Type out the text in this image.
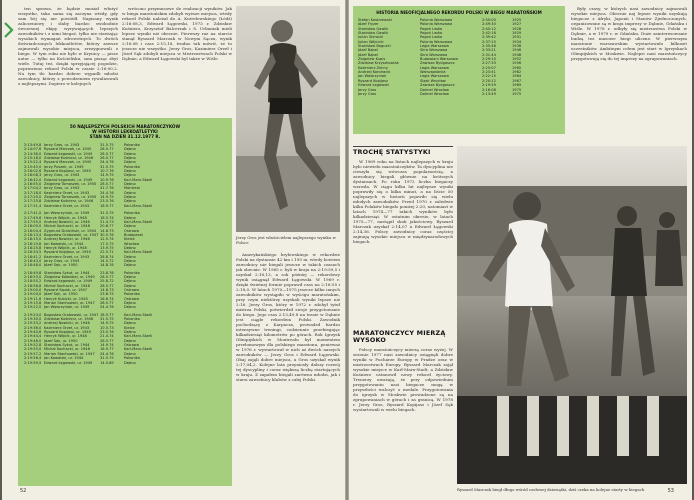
ten sprawa, że będzie musiał włożyć wszystko, taka sama się zaczyna wtedy, gdy sam bój się nie powiódł. Napisany wynik zaliczeniowy i słaby bardzo swobodnie ówczesnej ekipy wyrywających lepszych zawodników i z nimi biegać, tylko nie stawiając wysokich wymagań zdrowotnych. To dwóch doświadczonych lekkoatletów, którzy zawsze zajmowali wysokie miejsca, zrezygnowali z biegu. W tym roku nie było w Krynicy — pisze autor — tylko na Kościelisku, sam pisząc zbyt wiele. Tutaj też, dzięki sprzyjającej pogodzie, poprawiono rekord Polski w czasie 2:16:00,2. Na tym tle bardzo dobrze wypadli młodsi zawodnicy, którzy z powodzeniem rywalizowali z najlepszymi. Dopiero w kolejnych

wrócono przymusowe do realizacji wyników. Jak w biegu maratońskim zdobyli wyższe miejsca, wtedy rekord Polski należał do A. Kutrelewskiego (Łódź) 2:16:08,3, Edward Łęgowski, 1973 r. Zdzisław Kuśnierz, Krzysztof Balcerzak i S. Urbaniak mieli lepsze wyniki niż obecnie. Pierwszy raz na starcie stanął Ryszard Marczak w Nowym Sączu, wynik 2:16:08 i czas 2:15,18, trudno tak mówić, że to jeszcze nie wszystko. Jerzy Gros, Kazimierz Orzeł i Józef Sęk zdobyli miejsca w Mistrzostwach Polski w Dębnie, a Edward Łęgowski był także w Wiśle.

Jerzy Gros jest właścicielem najlepszego wyniku w Polsce

Amerykańskiego bryłowskiego w rekordzie Polski na dystansie 42 km i 195 m, wtedy bowiem zawodnicy nie biegali jeszcze w takich czasach jak obecnie. W 1965 r. byli w kraju na 2:19:59,5 i uzyskał 2:18,13, a rok później — rekordowy wynik osiągnął Edward Łęgowski. W 1969 r. dzięki świetnej formie poprawił czas na 2:16:55 i 2:18,0. W latach 1970—1975 jeszcze kilku innych zawodników wystąpiło w wyścigu maratońskim, przy czym niektórzy uzyskali wyniki lepsze niż 2:16. Jerzy Gros, który w 1972 r. zdobył tytuł mistrza Polski, potwierdził swoje przygotowanie do biegu. Jego czas 2:13,49,8 na trasie w Dębnie jest ciągle rekordem Polski. Zawodnik pochodzący z Karpacza, prowadził bardzo intensywne treningi, codziennie przebiegając kilkadziesiąt kilometrów po górach. Rok Igrzysk Olimpijskich w Montrealu był momentem przełomowym dla polskiego maratonu, ponieważ w 1976 r. wystartował w nich aż dwóch naszych zawodników — Jerzy Gros i Edward Łęgowski. Obaj zajęli dobre miejsca, a Gros uzyskał wynik 2:17,04,2. Kolejne lata przyniosły dalszy rozwój tej dyscypliny i coraz większą liczbę startujących w kraju. Z zapałem biegali zarówno młodzi, jak i starsi zawodnicy klubów z całej Polski.

50 NAJLEPSZYCH POLSKICH MARATOŃCZYKÓW
W HISTORII LEKKOATLETYKI
STAN NA DZIEŃ 31.12.1977 R.
2:13:49,8 Jerzy Gros, ur. 1943	31.5.75	Pokonika
2:14:07,6 Ryszard Marczak, ur. 1945	28.5.77	Dębno
2:14:36,0 Edward Łęgowski, ur. 1949	28.5.77	Dębno
2:15:18,0 Zdzisław Kuśnierz, ur. 1946	26.5.77	Dębno
2:15:22,4 Ryszard Marczak, ur. 1945	24.4.76	Dębno
2:15:45,0 Jerzy Puszek, ur. 1949	31.5.75	Pokonika
2:16:02,6 Ryszard Kopijasz, ur. 1945	10.7.76	Dębno
2:16:08,3 Jerzy Gros, ur. 1943	14.9.75	Dębno
2:16:42,0 Edward Łęgowski, ur. 1949	10.9.76	Karl-Marx-Stadt
2:16:55,0 Zbigniew Tomaszek, ur. 1950	28.5.77	Dębno
2:17:04,2 Jerzy Gros, ur. 1943	31.7.76	Montreal
2:17:18,0 Kazimierz Orzeł, ur. 1943	24.4.76	Dębno
2:17:20,0 Zbigniew Tomaszek, ur. 1950	14.9.75	Dębno
2:17:25,8 Zdzisław Kuśnierz, ur. 1946	23.5.76	Dębno
2:17:31,4 Kazimierz Orzeł, ur. 1943	18.9.77	Karl-Marx-Stadt
2:17:41,0 Jan Wawrzyniak, ur. 1949	31.5.75	Pokonika
2:17:49,6 Henryk Wójcik, ur. 1948	18.5.74	Dębno
2:17:55,0 Andrzej Nowicki, ur. 1946	21.4.73	Karl-Marx-Stadt
2:18:00,0 Michał Sochacki, ur. 1948	20.8.77	Dębno
2:18:04,4 Zygmunt Dudziński, ur. 1944	14.6.73	Ostrawa
2:18:13,4 Bogusław Grabowski, ur. 1947 30.5.76	Budapeszt
2:18:15,0 Andrzej Nowicki, ur. 1946	12.5.74	Kielce
2:18:19,8 Jan Kowalski, ur. 1944	17.5.75	Wrocław
2:18:25,8 Henryk Wójcik, ur. 1948	13.9.75	Dębno
2:18:33,5 Ryszard Kopijasz, ur. 1945	22.5.71	Karl-Marx-Stadt
2:18:41,2 Kazimierz Orzeł, ur. 1943	28.8.74	Dębno
2:18:43,0 Jerzy Gros, ur. 1943	14.5.72	Dębno
2:18:48,0 Józef Sęk, ur. 1950	14.8.76	Dębno
2:18:49,8 Stanisław Sykut, ur. 1944	23.8.76	Pokonika
2:18:53,0 Zbigniew Kołodziej, ur. 1949	28.5.77	Dębno
2:18:55,2 Edward Łęgowski, ur. 1949	25.8.72	Dębno
2:18:58,8 Michał Sochacki, ur. 1948	28.5.77	Dębno
2:19:00,0 Ryszard Szpak, ur. 1947	14.6.73	Ostrawa
2:19:04,0 Józef Sęk, ur. 1950	23.8.75	Pokonika
2:19:11,6 Henryk Kubicki, ur. 1945	16.6.74	Ostrawa
2:19:15,8 Marian Stachowski, ur. 1947	28.5.77	Dębno
2:19:22,0 Jan Wawrzyniak, ur. 1949	24.4.76	Dębno
2:19:24,0 Bogusław Grabowski, ur. 1947 18.9.77	Karl-Marx-Stadt
2:19:30,0 Zdzisław Kuśnierz, ur. 1946	31.5.75	Pokonika
2:19:33,2 Andrzej Nowicki, ur. 1946	14.9.75	Dębno
2:19:36,0 Kazimierz Orzeł, ur. 1943	10.5.73	Kielce
2:19:40,6 Ryszard Kopijasz, ur. 1945	23.5.76	Dębno
2:19:44,4 Henryk Wójcik, ur. 1948	21.4.74	Karl-Marx-Stadt
2:19:48,0 Józef Sęk, ur. 1950	28.5.77	Dębno
2:19:52,8 Stanisław Sykut, ur. 1944	14.9.74	Ostrawa
2:19:55,0 Michał Sochacki, ur. 1948	18.9.77	Karl-Marx-Stadt
2:19:57,2 Marian Stachowski, ur. 1947	24.4.76	Dębno
2:19:58,4 Jan Kowalski, ur. 1944	31.5.75	Pokonika
2:19:59,5 Edward Łęgowski, ur. 1949	14.5.69	Dębno
52
HISTORIA NIEOFICJALNEGO REKORDU POLSKI W BIEGU MARATOŃSKIM
Stefan Kostrzewski	Polonia Warszawa	2:55:00	1925
Józef Fryzer	Polonia Warszawa	2:49:30	1927
Stanisław Gawlik	Pogoń Lwów	2:45:12	1928
Stanisław Gawlik	Pogoń Lwów	2:42:18	1929
Julian Sieracki	Pogoń Lwów	2:39:42	1931
Julian Wójcicki	Polonia Warszawa	2:37:15	1934
Stanisław Bogucki	Legia Warszawa	2:35:48	1936
Józef Bąbel	Skra Warszawa	2:33:21	1946
Józef Bąbel	Skra Warszawa	2:31:44	1948
Zbigniew Kupis	Budowlani Warszawa	2:29:10	1952
Zdzisław Krzyszkowiak	Zawisza Bydgoszcz	2:27:33	1956
Kazimierz Zimny	Legia Warszawa	2:25:07	1960
Andrzej Kondracki	Warszawianka	2:23:41	1962
Jan Wawrzyniak	Legia Warszawa	2:22:15	1964
Ryszard Kopijasz	Śląsk Wrocław	2:20:12	1967
Edward Łęgowski	Zawisza Bydgoszcz	2:19:59	1969
Jerzy Gros	Dolmel Wrocław	2:16:08	1975
Jerzy Gros	Dolmel Wrocław	2:13:49	1975

Były czasy, w których nasi zawodnicy zajmowali wysokie miejsca. Obecnie naj lepsze wyniki uzyskują biegacze z Afryki, Japonii i Stanów Zjednoczonych, organizowane są w kraju imprezy w Dębnie, Gdańsku i Wiśle. W 1978 r. odbyły się mistrzostwa Polski w Dębnie, a w 1979 r. w Gdańsku. Duże zainteresowanie budzą też masowe biegi uliczne. W pierwszym maratonie warszawskim wystartowało kilkuset uczestników. Ambitnym celem jest start w Igrzyskach Olimpijskich w Moskwie. Najlepsi nasi maratończycy przygotowują się do tej imprezy na zgrupowaniach.

TROCHĘ STATYSTYKI

W 1969 roku na listach najlepszych w kraju było niewielu maratończyków. Ta dyscyplina nie cieszyła się wówczas popularnością, a zawodnicy biegali głównie na krótszych dystansach. Po roku 1972 liczba biegaczy wzrosła. W ciągu kilku lat najlepsze wyniki poprawiły się o kilka minut, a na liście 50 najlepszych w historii pojawiło się wielu młodych zawodników. Przed 1970 r. zaledwie kilku Polaków biegało poniżej 2:20, natomiast w latach 1974—77 takich wyników było kilkadziesiąt. W ostatnim okresie, w latach 1975—77, nastąpił skok jakościowy. Ryszard Marczak uzyskał 2:14,07 a Edward Łęgowski 2:14,36. Polscy zawodnicy coraz częściej zajmują wysokie miejsca w międzynarodowych biegach.

MARATOŃCZYCY MIERZĄ
WYSOKO

Polscy maratończycy mierzą coraz wyżej. W sezonie 1977 nasi zawodnicy osiągnęli dobre wyniki w Pucharze Europy w Pradze oraz w mistrzostwach Europy. Ryszard Marczak zajął wysokie miejsce w Karl-Marx-Stadt, a Zdzisław Kuśnierz ustanowił nowy rekord życiowy. Trenerzy uważają, że przy odpowiednim przygotowaniu nasi biegacze mogą w przyszłości walczyć o medale. Przygotowania do igrzysk w Moskwie prowadzone są na zgrupowaniach w górach i za granicą. W 1978 r. Jerzy Gros, Ryszard Kopijasz i Józef Sęk wystartowali w wielu biegach.

Ryszard Marczak biegł długo wśród czołowej dziesiątki, dziś czeka na kolejne starty w biegach	53
